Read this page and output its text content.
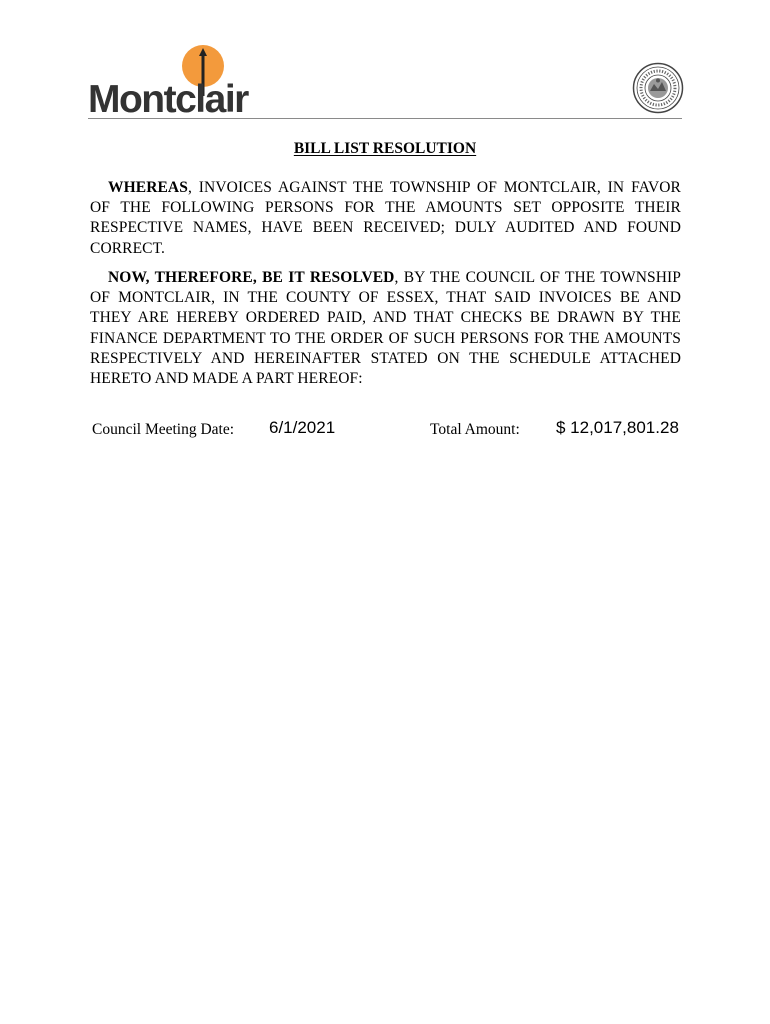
Montclair
BILL LIST RESOLUTION
WHEREAS, INVOICES AGAINST THE TOWNSHIP OF MONTCLAIR, IN FAVOR OF THE FOLLOWING PERSONS FOR THE AMOUNTS SET OPPOSITE THEIR RESPECTIVE NAMES, HAVE BEEN RECEIVED; DULY AUDITED AND FOUND CORRECT.
NOW, THEREFORE, BE IT RESOLVED, BY THE COUNCIL OF THE TOWNSHIP OF MONTCLAIR, IN THE COUNTY OF ESSEX, THAT SAID INVOICES BE AND THEY ARE HEREBY ORDERED PAID, AND THAT CHECKS BE DRAWN BY THE FINANCE DEPARTMENT TO THE ORDER OF SUCH PERSONS FOR THE AMOUNTS RESPECTIVELY AND HEREINAFTER STATED ON THE SCHEDULE ATTACHED HERETO AND MADE A PART HEREOF:
Council Meeting Date: 6/1/2021	Total Amount: $ 12,017,801.28
